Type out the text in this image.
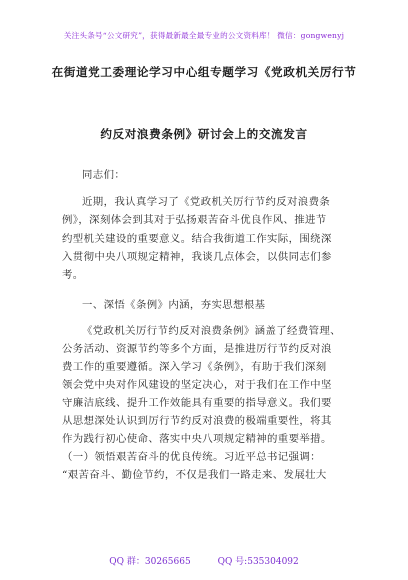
关注头条号“公文研究”，获得最新最全最专业的公文资料库！ 微信：gongwenyj
在街道党工委理论学习中心组专题学习《党政机关厉行节
约反对浪费条例》研讨会上的交流发言
同志们：
近期，我认真学习了《党政机关厉行节约反对浪费条
例》，深刻体会到其对于弘扬艰苦奋斗优良作风、推进节
约型机关建设的重要意义。结合我街道工作实际，围绕深
入贯彻中央八项规定精神，我谈几点体会，以供同志们参
考。
一、深悟《条例》内涵，夯实思想根基
《党政机关厉行节约反对浪费条例》涵盖了经费管理、
公务活动、资源节约等多个方面，是推进厉行节约反对浪
费工作的重要遵循。深入学习《条例》，有助于我们深刻
领会党中央对作风建设的坚定决心，对于我们在工作中坚
守廉洁底线、提升工作效能具有重要的指导意义。我们要
从思想深处认识到厉行节约反对浪费的极端重要性，将其
作为践行初心使命、落实中央八项规定精神的重要举措。
（一）领悟艰苦奋斗的优良传统。习近平总书记强调：
“艰苦奋斗、勤俭节约，不仅是我们一路走来、发展壮大
QQ 群：30265665	QQ 号:535304092
